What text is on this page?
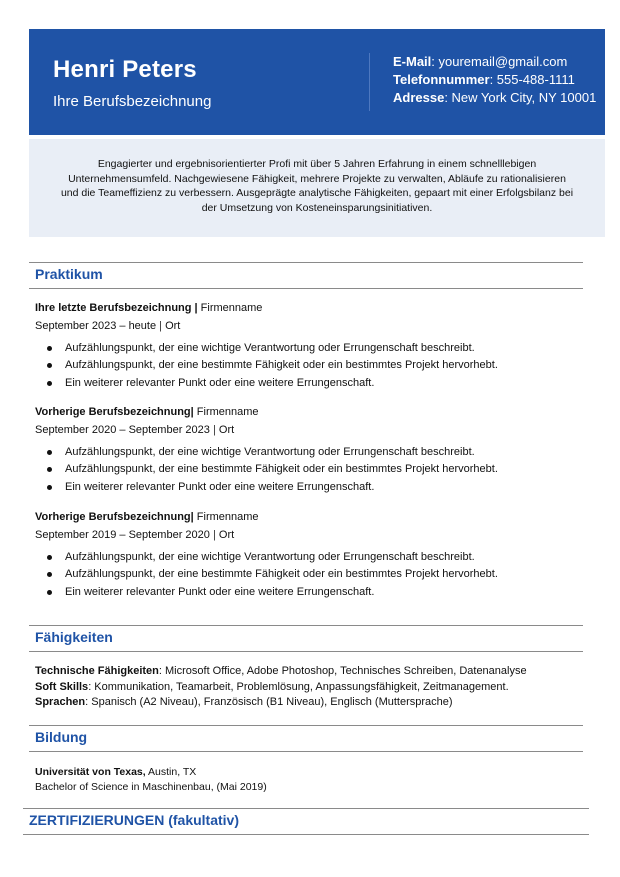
Henri Peters
Ihre Berufsbezeichnung
E-Mail: youremail@gmail.com
Telefonnummer: 555-488-1111
Adresse: New York City, NY 10001
Engagierter und ergebnisorientierter Profi mit über 5 Jahren Erfahrung in einem schnelllebigen Unternehmensumfeld. Nachgewiesene Fähigkeit, mehrere Projekte zu verwalten, Abläufe zu rationalisieren und die Teameffizienz zu verbessern. Ausgeprägte analytische Fähigkeiten, gepaart mit einer Erfolgsbilanz bei der Umsetzung von Kosteneinsparungsinitiativen.
Praktikum
Ihre letzte Berufsbezeichnung | Firmenname
September 2023 – heute | Ort
Aufzählungspunkt, der eine wichtige Verantwortung oder Errungenschaft beschreibt.
Aufzählungspunkt, der eine bestimmte Fähigkeit oder ein bestimmtes Projekt hervorhebt.
Ein weiterer relevanter Punkt oder eine weitere Errungenschaft.
Vorherige Berufsbezeichnung| Firmenname
September 2020 – September 2023 | Ort
Aufzählungspunkt, der eine wichtige Verantwortung oder Errungenschaft beschreibt.
Aufzählungspunkt, der eine bestimmte Fähigkeit oder ein bestimmtes Projekt hervorhebt.
Ein weiterer relevanter Punkt oder eine weitere Errungenschaft.
Vorherige Berufsbezeichnung| Firmenname
September 2019 – September 2020 | Ort
Aufzählungspunkt, der eine wichtige Verantwortung oder Errungenschaft beschreibt.
Aufzählungspunkt, der eine bestimmte Fähigkeit oder ein bestimmtes Projekt hervorhebt.
Ein weiterer relevanter Punkt oder eine weitere Errungenschaft.
Fähigkeiten
Technische Fähigkeiten: Microsoft Office, Adobe Photoshop, Technisches Schreiben, Datenanalyse
Soft Skills: Kommunikation, Teamarbeit, Problemlösung, Anpassungsfähigkeit, Zeitmanagement.
Sprachen: Spanisch (A2 Niveau), Französisch (B1 Niveau), Englisch (Muttersprache)
Bildung
Universität von Texas, Austin, TX
Bachelor of Science in Maschinenbau, (Mai 2019)
ZERTIFIZIERUNGEN (fakultativ)
